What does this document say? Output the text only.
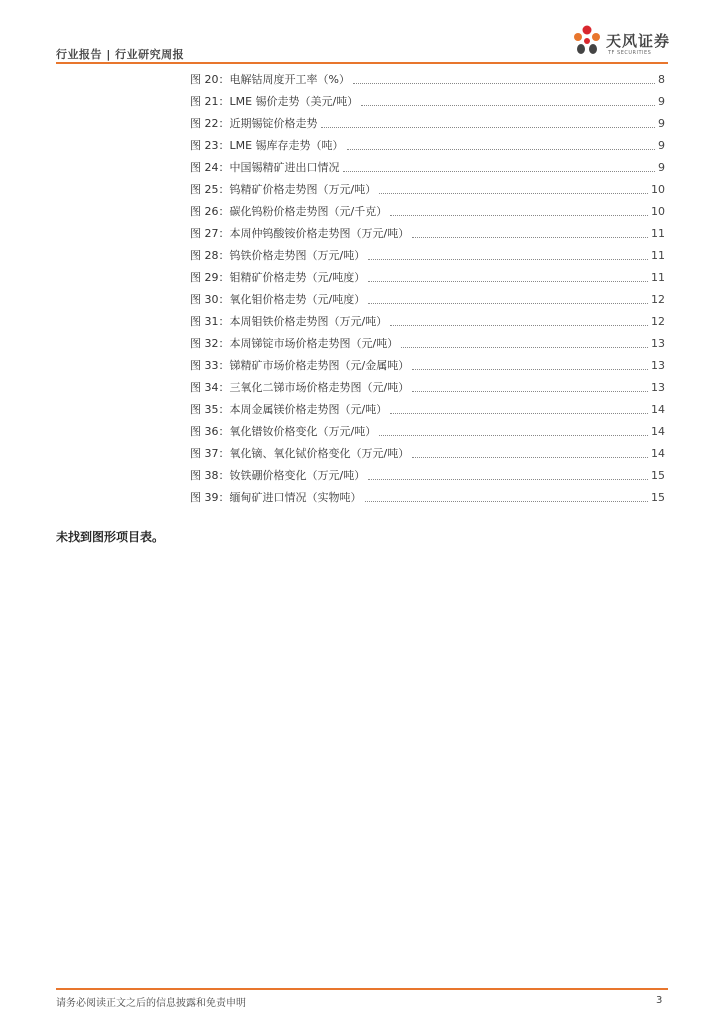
行业报告 | 行业研究周报
天风证券
TF SECURITIES
图 20：电解钴周度开工率（%）	8
图 21：LME 锡价走势（美元/吨）	9
图 22：近期锡锭价格走势	9
图 23：LME 锡库存走势（吨）	9
图 24：中国锡精矿进出口情况	9
图 25：钨精矿价格走势图（万元/吨）	10
图 26：碳化钨粉价格走势图（元/千克）	10
图 27：本周仲钨酸铵价格走势图（万元/吨）	11
图 28：钨铁价格走势图（万元/吨）	11
图 29：钼精矿价格走势（元/吨度）	11
图 30：氧化钼价格走势（元/吨度）	12
图 31：本周钼铁价格走势图（万元/吨）	12
图 32：本周锑锭市场价格走势图（元/吨）	13
图 33：锑精矿市场价格走势图（元/金属吨）	13
图 34：三氧化二锑市场价格走势图（元/吨）	13
图 35：本周金属镁价格走势图（元/吨）	14
图 36：氧化镨钕价格变化（万元/吨）	14
图 37：氧化镝、氧化铽价格变化（万元/吨）	14
图 38：钕铁硼价格变化（万元/吨）	15
图 39：缅甸矿进口情况（实物吨）	15
未找到图形项目表。
请务必阅读正文之后的信息披露和免责申明	3
